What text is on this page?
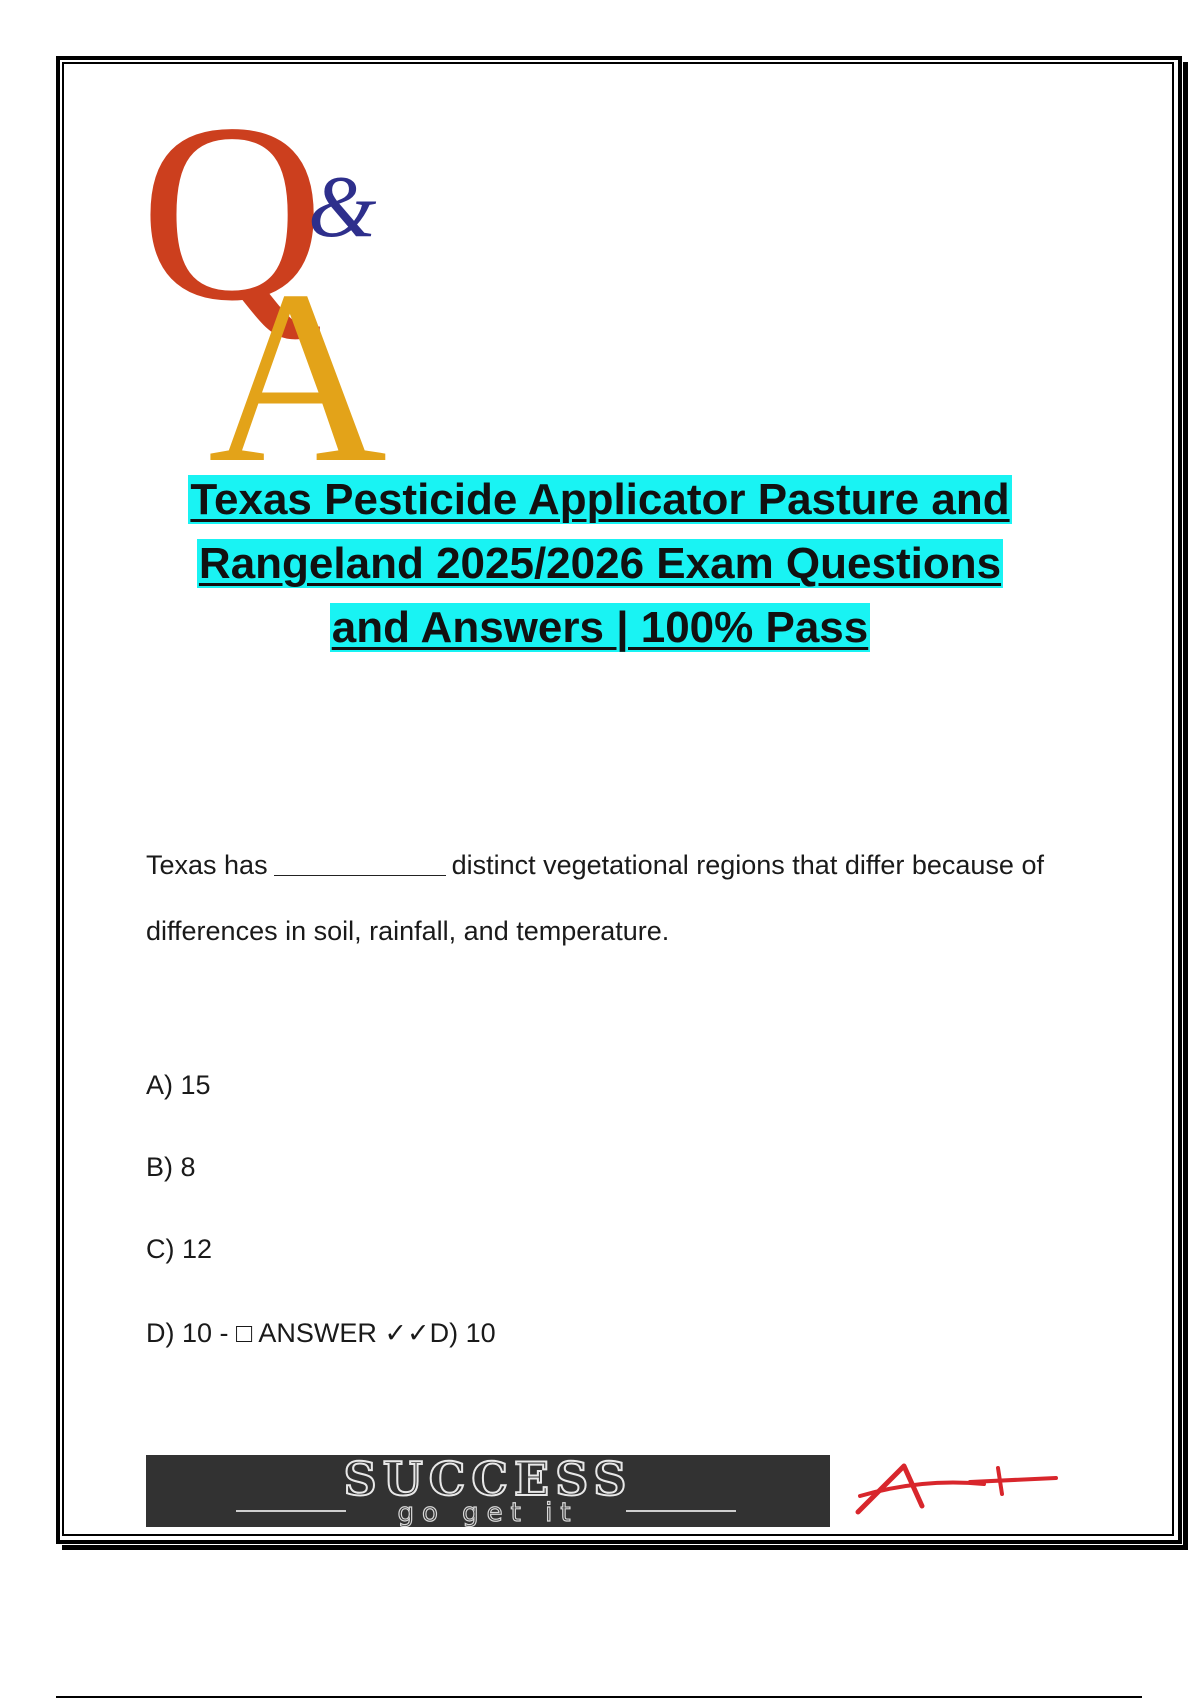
Q
&
A
Texas Pesticide Applicator Pasture and
Rangeland 2025/2026 Exam Questions
and Answers | 100% Pass
Texas has	distinct vegetational regions that differ because of differences in soil, rainfall, and temperature.
A) 15
B) 8
C) 12
D) 10 - □ ANSWER ✓✓D) 10
SUCCESS
go get it
